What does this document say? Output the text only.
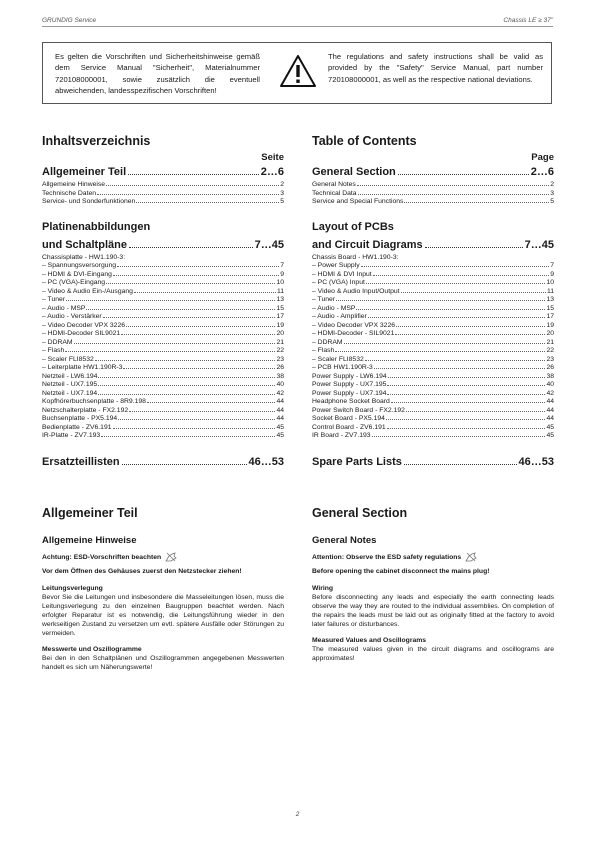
GRUNDIG Service	Chassis LE ≥ 37"
Es gelten die Vorschriften und Sicherheitshinweise gemäß dem Service Manual "Sicherheit", Materialnummer 720108000001, sowie zusätzlich die eventuell abweichenden, landesspezifischen Vorschriften!
The regulations and safety instructions shall be valid as provided by the "Safety" Service Manual, part number 720108000001, as well as the respective national deviations.
Inhaltsverzeichnis
Seite
Allgemeiner Teil	2…6
Allgemeine Hinweise	2
Technische Daten	3
Service- und Sonderfunktionen	5
Platinenabbildungen
und Schaltpläne	7…45
Chassisplatte - HW1.190-3:
– Spannungsversorgung	7
– HDMI & DVI-Eingang	9
– PC (VGA)-Eingang	10
– Video & Audio Ein-/Ausgang	11
– Tuner	13
– Audio - MSP	15
– Audio - Verstärker	17
– Video Decoder VPX 3226	19
– HDMI-Decoder SIL9021	20
– DDRAM	21
– Flash	22
– Scaler FLI8532	23
– Leiterplatte HW1.190R-3	26
Netzteil - LW6.194	38
Netzteil - UX7.195	40
Netzteil - UX7.194	42
Kopfhörerbuchsenplatte - 8R9.198	44
Netzschalterplatte - FX2.192	44
Buchsenplatte - PX5.194	44
Bedienplatte - ZV6.191	45
IR-Platte - ZV7.193	45
Ersatzteillisten	46…53
Table of Contents
Page
General Section	2…6
General Notes	2
Technical Data	3
Service and Special Functions	5
Layout of PCBs
and Circuit Diagrams	7…45
Chassis Board - HW1.190-3:
– Power Supply	7
– HDMI & DVI Input	9
– PC (VGA) Input	10
– Video & Audio Input/Output	11
– Tuner	13
– Audio - MSP	15
– Audio - Amplifier	17
– Video Decoder VPX 3226	19
– HDMI-Decoder - SIL9021	20
– DDRAM	21
– Flash	22
– Scaler FLI8532	23
– PCB HW1.190R-3	26
Power Supply - LW6.194	38
Power Supply - UX7.195	40
Power Supply - UX7.194	42
Headphone Socket Board	44
Power Switch Board - FX2.192	44
Socket Board - PX5.194	44
Control Board - ZV6.191	45
IR Board - ZV7.193	45
Spare Parts Lists	46…53
Allgemeiner Teil
Allgemeine Hinweise
Achtung: ESD-Vorschriften beachten
Vor dem Öffnen des Gehäuses zuerst den Netzstecker ziehen!
Leitungsverlegung
Bevor Sie die Leitungen und insbesondere die Masseleitungen lösen, muss die Leitungsverlegung zu den einzelnen Baugruppen beachtet werden. Nach erfolgter Reparatur ist es notwendig, die Leitungsführung wieder in den werkseitigen Zustand zu versetzen um evtl. spätere Ausfälle oder Störungen zu vermeiden.
Messwerte und Oszillogramme
Bei den in den Schaltplänen und Oszillogrammen angegebenen Messwerten handelt es sich um Näherungswerte!
General Section
General Notes
Attention: Observe the ESD safety regulations
Before opening the cabinet disconnect the mains plug!
Wiring
Before disconnecting any leads and especially the earth connecting leads observe the way they are routed to the individual assemblies. On completion of the repairs the leads must be laid out as originally fitted at the factory to avoid later failures or disturbances.
Measured Values and Oscillograms
The measured values given in the circuit diagrams and oscillograms are approximates!
2
